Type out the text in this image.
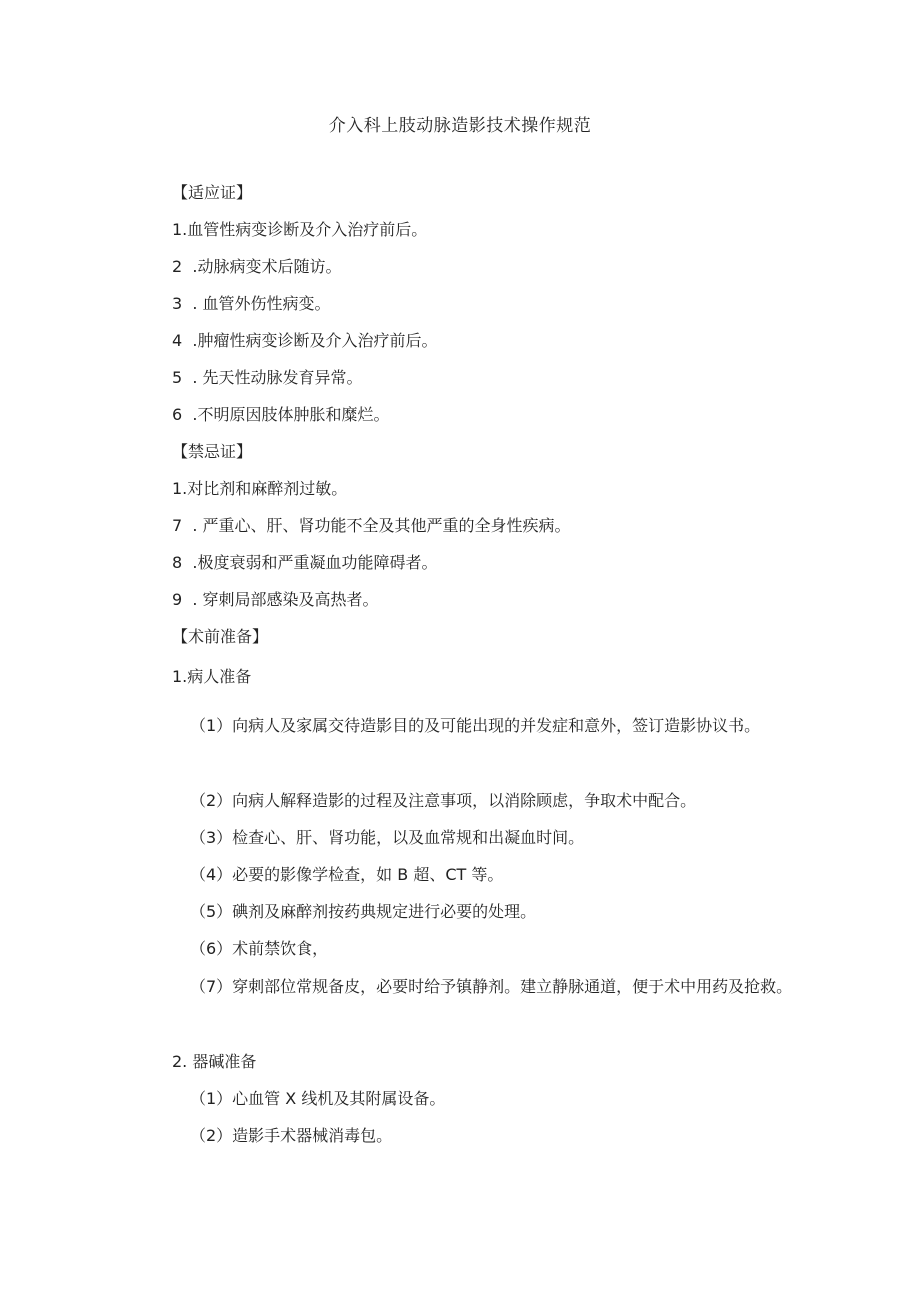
介入科上肢动脉造影技术操作规范
【适应证】
1.血管性病变诊断及介入治疗前后。
2  .动脉病变术后随访。
3  . 血管外伤性病变。
4  .肿瘤性病变诊断及介入治疗前后。
5  . 先天性动脉发育异常。
6  .不明原因肢体肿胀和糜烂。
【禁忌证】
1.对比剂和麻醉剂过敏。
7  . 严重心、肝、肾功能不全及其他严重的全身性疾病。
8  .极度衰弱和严重凝血功能障碍者。
9  . 穿刺局部感染及高热者。
【术前准备】
1.病人准备
（1）向病人及家属交待造影目的及可能出现的并发症和意外，签订造影协议书。
（2）向病人解释造影的过程及注意事项，以消除顾虑，争取术中配合。
（3）检查心、肝、肾功能，以及血常规和出凝血时间。
（4）必要的影像学检查，如 B 超、CT 等。
（5）碘剂及麻醉剂按药典规定进行必要的处理。
（6）术前禁饮食，
（7）穿刺部位常规备皮，必要时给予镇静剂。建立静脉通道，便于术中用药及抢救。
2. 器碱准备
（1）心血管 X 线机及其附属设备。
（2）造影手术器械消毒包。
